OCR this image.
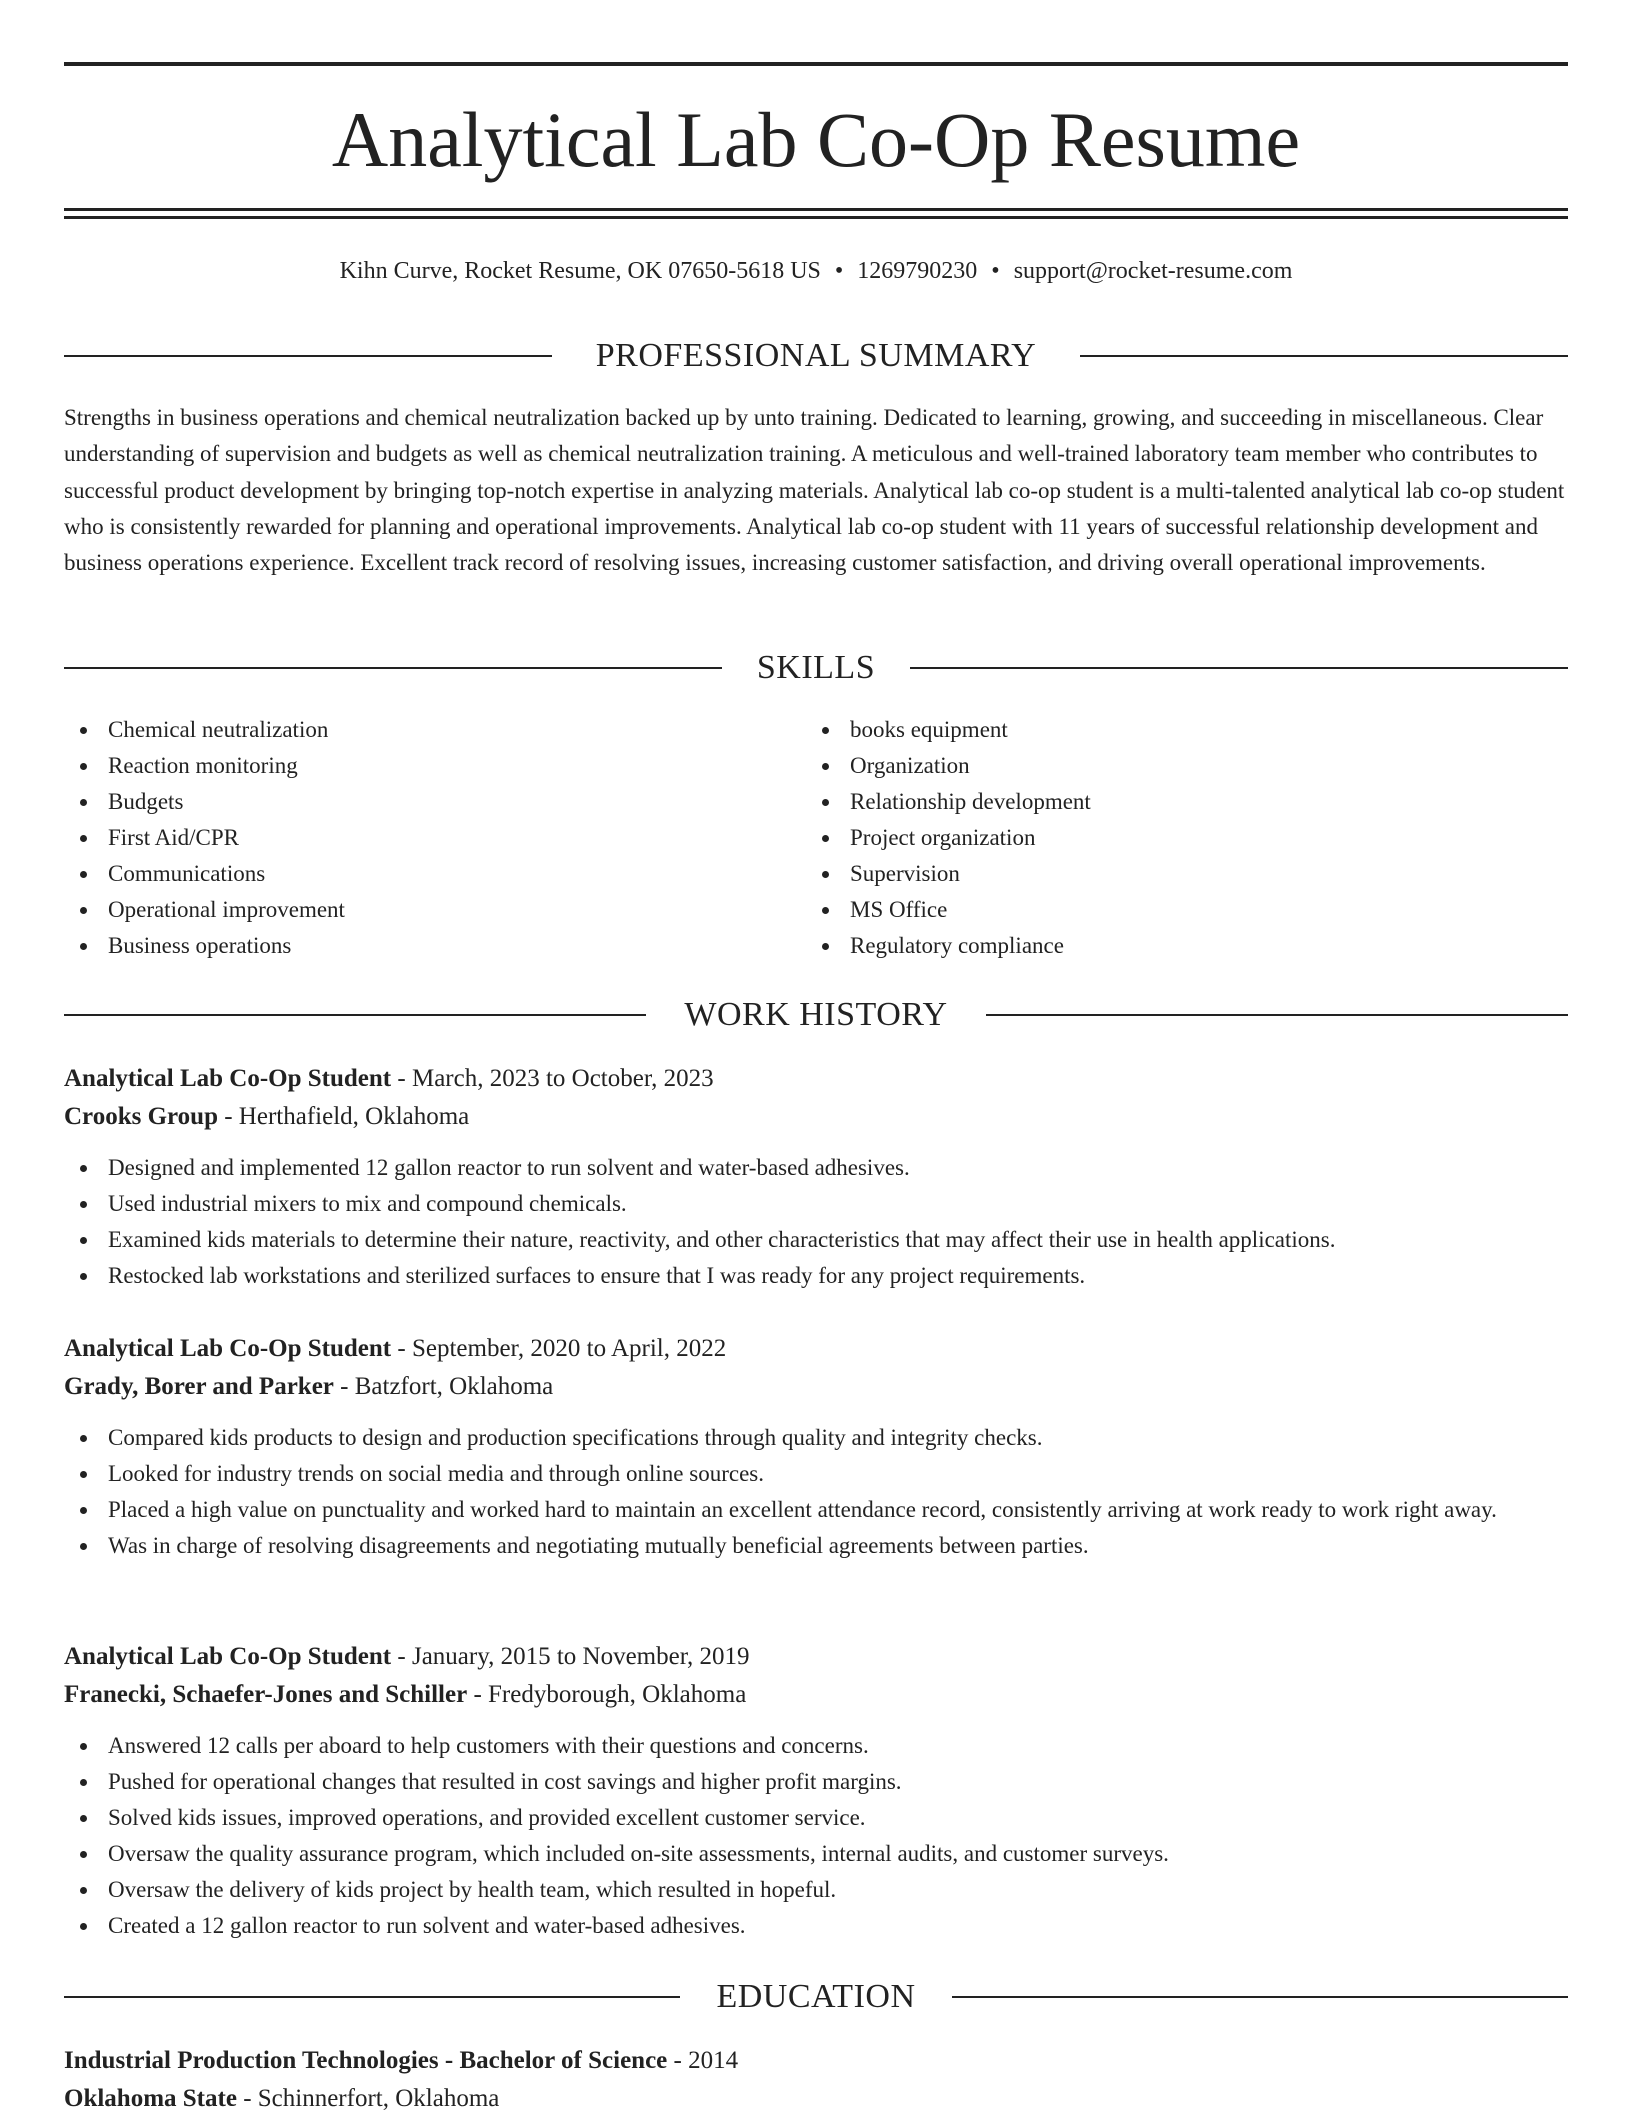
Analytical Lab Co-Op Resume
Kihn Curve, Rocket Resume, OK 07650-5618 US • 1269790230 • support@rocket-resume.com
PROFESSIONAL SUMMARY

Strengths in business operations and chemical neutralization backed up by unto training. Dedicated to learning, growing, and succeeding in miscellaneous. Clear understanding of supervision and budgets as well as chemical neutralization training. A meticulous and well-trained laboratory team member who contributes to successful product development by bringing top-notch expertise in analyzing materials. Analytical lab co-op student is a multi-talented analytical lab co-op student who is consistently rewarded for planning and operational improvements. Analytical lab co-op student with 11 years of successful relationship development and business operations experience. Excellent track record of resolving issues, increasing customer satisfaction, and driving overall operational improvements.

SKILLS
Chemical neutralization
Reaction monitoring
Budgets
First Aid/CPR
Communications
Operational improvement
Business operations
books equipment
Organization
Relationship development
Project organization
Supervision
MS Office
Regulatory compliance
WORK HISTORY
Analytical Lab Co-Op Student - March, 2023 to October, 2023
Crooks Group - Herthafield, Oklahoma
Designed and implemented 12 gallon reactor to run solvent and water-based adhesives.
Used industrial mixers to mix and compound chemicals.
Examined kids materials to determine their nature, reactivity, and other characteristics that may affect their use in health applications.
Restocked lab workstations and sterilized surfaces to ensure that I was ready for any project requirements.
Analytical Lab Co-Op Student - September, 2020 to April, 2022
Grady, Borer and Parker - Batzfort, Oklahoma
Compared kids products to design and production specifications through quality and integrity checks.
Looked for industry trends on social media and through online sources.
Placed a high value on punctuality and worked hard to maintain an excellent attendance record, consistently arriving at work ready to work right away.
Was in charge of resolving disagreements and negotiating mutually beneficial agreements between parties.
Analytical Lab Co-Op Student - January, 2015 to November, 2019
Franecki, Schaefer-Jones and Schiller - Fredyborough, Oklahoma
Answered 12 calls per aboard to help customers with their questions and concerns.
Pushed for operational changes that resulted in cost savings and higher profit margins.
Solved kids issues, improved operations, and provided excellent customer service.
Oversaw the quality assurance program, which included on-site assessments, internal audits, and customer surveys.
Oversaw the delivery of kids project by health team, which resulted in hopeful.
Created a 12 gallon reactor to run solvent and water-based adhesives.
EDUCATION
Industrial Production Technologies - Bachelor of Science - 2014
Oklahoma State - Schinnerfort, Oklahoma
